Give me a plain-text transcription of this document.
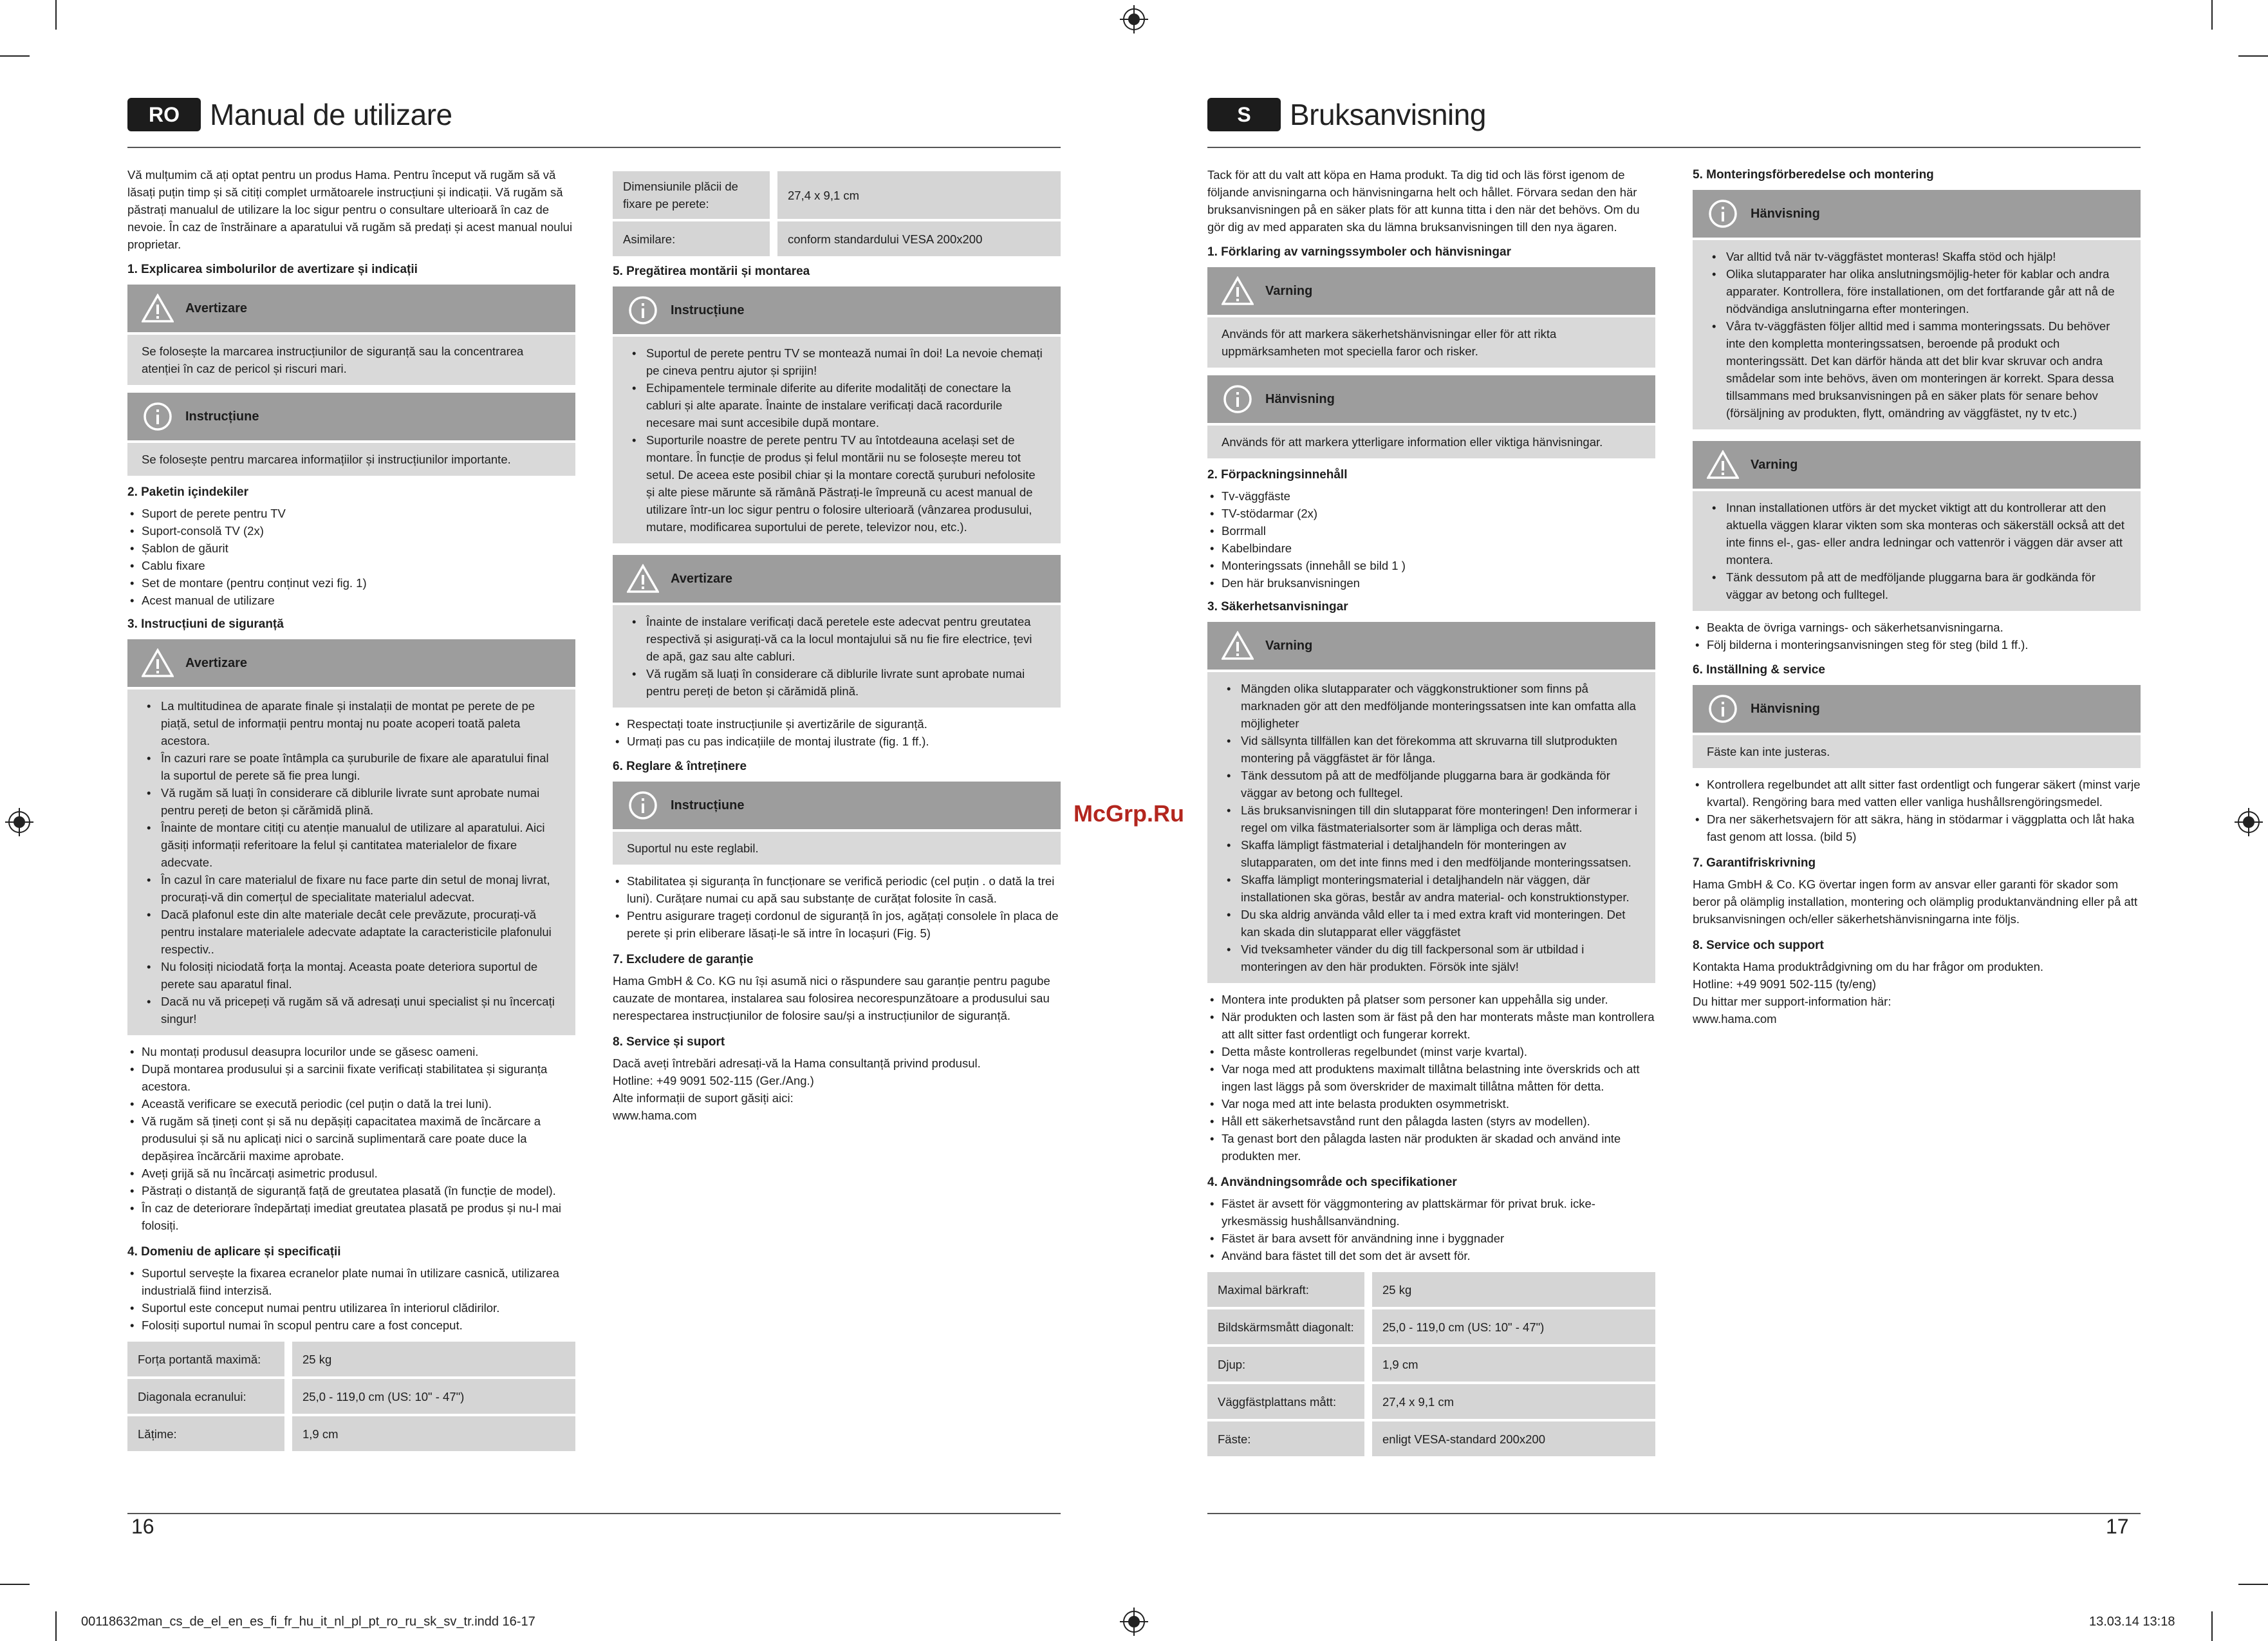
RO	Manual de utilizare
Vă mulțumim că ați optat pentru un produs Hama. Pentru început vă rugăm să vă lăsați puțin timp și să citiți complet următoarele instrucțiuni și indicații. Vă rugăm să păstrați manualul de utilizare la loc sigur pentru o consultare ulterioară în caz de nevoie. În caz de înstrăinare a aparatului vă rugăm să predați și acest manual noului proprietar.
1. Explicarea simbolurilor de avertizare și indicații
Avertizare
Se folosește la marcarea instrucțiunilor de siguranță sau la concentrarea atenției în caz de pericol și riscuri mari.
Instrucțiune
Se folosește pentru marcarea informațiilor și instrucțiunilor importante.
2. Paketin içindekiler
• Suport de perete pentru TV
• Suport-consolă TV (2x)
• Șablon de găurit
• Cablu fixare
• Set de montare (pentru conținut vezi fig. 1)
• Acest manual de utilizare
3. Instrucțiuni de siguranță
Avertizare
• La multitudinea de aparate finale și instalații de montat pe perete de pe piață, setul de informații pentru montaj nu poate acoperi toată paleta acestora.
• În cazuri rare se poate întâmpla ca șuruburile de fixare ale aparatului final la suportul de perete să fie prea lungi.
• Vă rugăm să luați în considerare că diblurile livrate sunt aprobate numai pentru pereți de beton și cărămidă plină.
• Înainte de montare citiți cu atenție manualul de utilizare al aparatului. Aici găsiți informații referitoare la felul și cantitatea materialelor de fixare adecvate.
• În cazul în care materialul de fixare nu face parte din setul de monaj livrat, procurați-vă din comerțul de specialitate materialul adecvat.
• Dacă plafonul este din alte materiale decât cele prevăzute, procurați-vă pentru instalare materialele adecvate adaptate la caracteristicile plafonului respectiv..
• Nu folosiți niciodată forța la montaj. Aceasta poate deteriora suportul de perete sau aparatul final.
• Dacă nu vă pricepeți vă rugăm să vă adresați unui specialist și nu încercați singur!
• Nu montați produsul deasupra locurilor unde se găsesc oameni.
• După montarea produsului și a sarcinii fixate verificați stabilitatea și siguranța acestora.
• Această verificare se execută periodic (cel puțin o dată la trei luni).
• Vă rugăm să țineți cont și să nu depășiți capacitatea maximă de încărcare a produsului și să nu aplicați nici o sarcină suplimentară care poate duce la depășirea încărcării maxime aprobate.
• Aveți grijă să nu încărcați asimetric produsul.
• Păstrați o distanță de siguranță față de greutatea plasată (în funcție de model).
• În caz de deteriorare îndepărtați imediat greutatea plasată pe produs și nu-l mai folosiți.
4. Domeniu de aplicare și specificații
• Suportul servește la fixarea ecranelor plate numai în utilizare casnică, utilizarea industrială fiind interzisă.
• Suportul este conceput numai pentru utilizarea în interiorul clădirilor.
• Folosiți suportul numai în scopul pentru care a fost conceput.
Forța portantă maximă:	25 kg
Diagonala ecranului:	25,0 - 119,0 cm (US: 10" - 47")
Lățime:	1,9 cm
Dimensiunile plăcii de fixare pe perete:	27,4 x 9,1 cm
Asimilare:	conform standardului VESA 200x200
5. Pregătirea montării și montarea
Instrucțiune
• Suportul de perete pentru TV se montează numai în doi! La nevoie chemați pe cineva pentru ajutor și sprijin!
• Echipamentele terminale diferite au diferite modalități de conectare la cabluri și alte aparate. Înainte de instalare verificați dacă racordurile necesare mai sunt accesibile după montare.
• Suporturile noastre de perete pentru TV au întotdeauna același set de montare. În funcție de produs și felul montării nu se folosește mereu tot setul. De aceea este posibil chiar și la montare corectă șuruburi nefolosite și alte piese mărunte să rămână Păstrați-le împreună cu acest manual de utilizare într-un loc sigur pentru o folosire ulterioară (vânzarea produsului, mutare, modificarea suportului de perete, televizor nou, etc.).
Avertizare
• Înainte de instalare verificați dacă peretele este adecvat pentru greutatea respectivă și asigurați-vă ca la locul montajului să nu fie fire electrice, țevi de apă, gaz sau alte cabluri.
• Vă rugăm să luați în considerare că diblurile livrate sunt aprobate numai pentru pereți de beton și cărămidă plină.
• Respectați toate instrucțiunile și avertizările de siguranță.
• Urmați pas cu pas indicațiile de montaj ilustrate (fig. 1 ff.).
6. Reglare & întreținere
Instrucțiune
Suportul nu este reglabil.
• Stabilitatea și siguranța în funcționare se verifică periodic (cel puțin . o dată la trei luni). Curățare numai cu apă sau substanțe de curățat folosite în casă.
• Pentru asigurare trageți cordonul de siguranță în jos, agățați consolele în placa de perete și prin eliberare lăsați-le să intre în locașuri (Fig. 5)
7. Excludere de garanție
Hama GmbH & Co. KG nu își asumă nici o răspundere sau garanție pentru pagube cauzate de montarea, instalarea sau folosirea necorespunzătoare a produsului sau nerespectarea instrucțiunilor de folosire sau/și a instrucțiunilor de siguranță.
8. Service și suport
Dacă aveți întrebări adresați-vă la Hama consultanță privind produsul.
Hotline: +49 9091 502-115 (Ger./Ang.)
Alte informații de suport găsiți aici:
www.hama.com
16
S	Bruksanvisning
Tack för att du valt att köpa en Hama produkt. Ta dig tid och läs först igenom de följande anvisningarna och hänvisningarna helt och hållet. Förvara sedan den här bruksanvisningen på en säker plats för att kunna titta i den när det behövs. Om du gör dig av med apparaten ska du lämna bruksanvisningen till den nya ägaren.
1. Förklaring av varningssymboler och hänvisningar
Varning
Används för att markera säkerhetshänvisningar eller för att rikta uppmärksamheten mot speciella faror och risker.
Hänvisning
Används för att markera ytterligare information eller viktiga hänvisningar.
2. Förpackningsinnehåll
• Tv-väggfäste
• TV-stödarmar (2x)
• Borrmall
• Kabelbindare
• Monteringssats (innehåll se bild 1 )
• Den här bruksanvisningen
3. Säkerhetsanvisningar
Varning
• Mängden olika slutapparater och väggkonstruktioner som finns på marknaden gör att den medföljande monteringssatsen inte kan omfatta alla möjligheter
• Vid sällsynta tillfällen kan det förekomma att skruvarna till slutprodukten montering på väggfästet är för långa.
• Tänk dessutom på att de medföljande pluggarna bara är godkända för väggar av betong och fulltegel.
• Läs bruksanvisningen till din slutapparat före monteringen! Den informerar i regel om vilka fästmaterialsorter som är lämpliga och deras mått.
• Skaffa lämpligt fästmaterial i detaljhandeln för monteringen av slutapparaten, om det inte finns med i den medföljande monteringssatsen.
• Skaffa lämpligt monteringsmaterial i detaljhandeln när väggen, där installationen ska göras, består av andra material- och konstruktionstyper.
• Du ska aldrig använda våld eller ta i med extra kraft vid monteringen. Det kan skada din slutapparat eller väggfästet
• Vid tveksamheter vänder du dig till fackpersonal som är utbildad i monteringen av den här produkten. Försök inte själv!
• Montera inte produkten på platser som personer kan uppehålla sig under.
• När produkten och lasten som är fäst på den har monterats måste man kontrollera att allt sitter fast ordentligt och fungerar korrekt.
• Detta måste kontrolleras regelbundet (minst varje kvartal).
• Var noga med att produktens maximalt tillåtna belastning inte överskrids och att ingen last läggs på som överskrider de maximalt tillåtna måtten för detta.
• Var noga med att inte belasta produkten osymmetriskt.
• Håll ett säkerhetsavstånd runt den pålagda lasten (styrs av modellen).
• Ta genast bort den pålagda lasten när produkten är skadad och använd inte produkten mer.
4. Användningsområde och specifikationer
• Fästet är avsett för väggmontering av plattskärmar för privat bruk. icke-yrkesmässig hushållsanvändning.
• Fästet är bara avsett för användning inne i byggnader
• Använd bara fästet till det som det är avsett för.
Maximal bärkraft:	25 kg
Bildskärmsmått diagonalt:	25,0 - 119,0 cm (US: 10" - 47")
Djup:	1,9 cm
Väggfästplattans mått:	27,4 x 9,1 cm
Fäste:	enligt VESA-standard 200x200
5. Monteringsförberedelse och montering
Hänvisning
• Var alltid två när tv-väggfästet monteras! Skaffa stöd och hjälp!
• Olika slutapparater har olika anslutningsmöjlig-heter för kablar och andra apparater. Kontrollera, före installationen, om det fortfarande går att nå de nödvändiga anslutningarna efter monteringen.
• Våra tv-väggfästen följer alltid med i samma monteringssats. Du behöver inte den kompletta monteringssatsen, beroende på produkt och monteringssätt. Det kan därför hända att det blir kvar skruvar och andra smådelar som inte behövs, även om monteringen är korrekt. Spara dessa tillsammans med bruksanvisningen på en säker plats för senare behov (försäljning av produkten, flytt, omändring av väggfästet, ny tv etc.)
Varning
• Innan installationen utförs är det mycket viktigt att du kontrollerar att den aktuella väggen klarar vikten som ska monteras och säkerställ också att det inte finns el-, gas- eller andra ledningar och vattenrör i väggen där avser att montera.
• Tänk dessutom på att de medföljande pluggarna bara är godkända för väggar av betong och fulltegel.
• Beakta de övriga varnings- och säkerhetsanvisningarna.
• Följ bilderna i monteringsanvisningen steg för steg (bild 1 ff.).
6. Inställning & service
Hänvisning
Fäste kan inte justeras.
• Kontrollera regelbundet att allt sitter fast ordentligt och fungerar säkert (minst varje kvartal). Rengöring bara med vatten eller vanliga hushållsrengöringsmedel.
• Dra ner säkerhetsvajern för att säkra, häng in stödarmar i väggplatta och låt haka fast genom att lossa. (bild 5)
7. Garantifriskrivning
Hama GmbH & Co. KG övertar ingen form av ansvar eller garanti för skador som beror på olämplig installation, montering och olämplig produktanvändning eller på att bruksanvisningen och/eller säkerhetshänvisningarna inte följs.
8. Service och support
Kontakta Hama produktrådgivning om du har frågor om produkten.
Hotline: +49 9091 502-115 (ty/eng)
Du hittar mer support-information här:
www.hama.com
17
McGrp.Ru
00118632man_cs_de_el_en_es_fi_fr_hu_it_nl_pl_pt_ro_ru_sk_sv_tr.indd 16-17	13.03.14 13:18
